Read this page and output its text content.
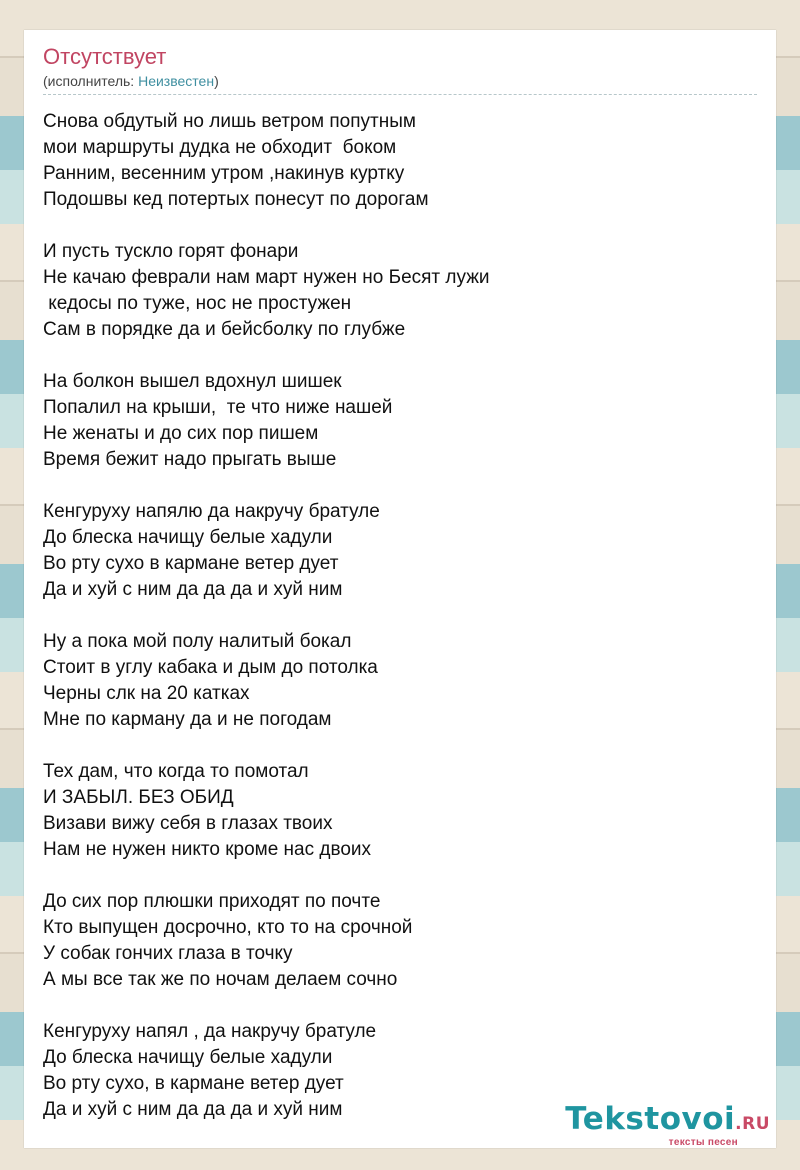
Отсутствует
(исполнитель: Неизвестен)
Снова обдутый но лишь ветром попутным
мои маршруты дудка не обходит  боком
Ранним, весенним утром ,накинув куртку
Подошвы кед потертых понесут по дорогам
И пусть тускло горят фонари
Не качаю феврали нам март нужен но Бесят лужи
кедосы по туже, нос не простужен
Сам в порядке да и бейсболку по глубже
На болкон вышел вдохнул шишек
Попалил на крыши,  те что ниже нашей
Не женаты и до сих пор пишем
Время бежит надо прыгать выше
Кенгуруху напялю да накручу братуле
До блеска начищу белые хадули
Во рту сухо в кармане ветер дует
Да и хуй с ним да да да и хуй ним
Ну а пока мой полу налитый бокал
Стоит в углу кабака и дым до потолка
Черны слк на 20 катках
Мне по карману да и не погодам
Тех дам, что когда то помотал
И ЗАБЫЛ. БЕЗ ОБИД
Визави вижу себя в глазах твоих
Нам не нужен никто кроме нас двоих
До сих пор плюшки приходят по почте
Кто выпущен досрочно, кто то на срочной
У собак гончих глаза в точку
А мы все так же по ночам делаем сочно
Кенгуруху напял , да накручу братуле
До блеска начищу белые хадули
Во рту сухо, в кармане ветер дует
Да и хуй с ним да да да и хуй ним	Tekstovoi.RU
тексты песен
